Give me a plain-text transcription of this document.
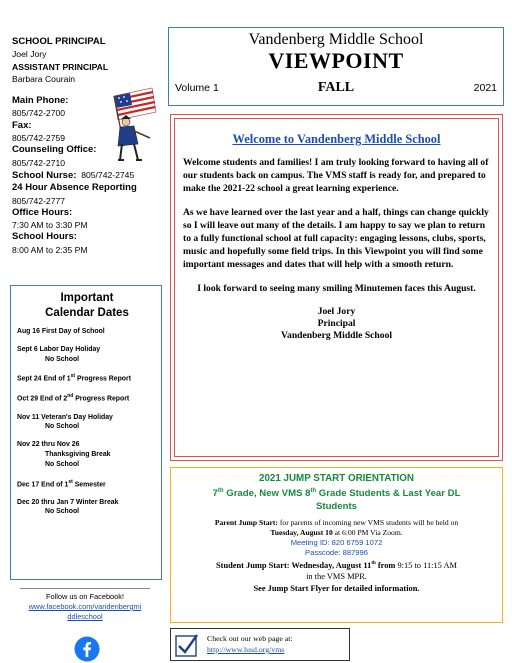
SCHOOL PRINCIPAL
Joel Jory
ASSISTANT PRINCIPAL
Barbara Courain
Main Phone:
805/742-2700
Fax:
805/742-2759
Counseling Office:
805/742-2710
School Nurse: 805/742-2745
24 Hour Absence Reporting
805/742-2777
Office Hours:
7:30 AM to 3:30 PM
School Hours:
8:00 AM to 2:35 PM
Important
Calendar Dates
Aug 16 First Day of School
Sept 6 Labor Day Holiday
No School
Sept 24 End of 1st Progress Report
Oct 29 End of 2nd Progress Report
Nov 11 Veteran's Day Holiday
No School
Nov 22 thru Nov 26
Thanksgiving Break
No School
Dec 17 End of 1st Semester
Dec 20 thru Jan 7 Winter Break
No School
Follow us on Facebook!
www.facebook.com/vandenbergmi
ddleschool
Vandenberg Middle School
VIEWPOINT
Volume 1	FALL	2021
Welcome to Vandenberg Middle School
Welcome students and families! I am truly looking forward to having all of our students back on campus. The VMS staff is ready for, and prepared to make the 2021-22 school a great learning experience.
As we have learned over the last year and a half, things can change quickly so I will leave out many of the details. I am happy to say we plan to return to a fully functional school at full capacity: engaging lessons, clubs, sports, music and hopefully some field trips. In this Viewpoint you will find some important messages and dates that will help with a smooth return.
I look forward to seeing many smiling Minutemen faces this August.
Joel Jory
Principal
Vandenberg Middle School
2021 JUMP START ORIENTATION
7th Grade, New VMS 8th Grade Students & Last Year DL
Students
Parent Jump Start: for parents of incoming new VMS students will be held on
Tuesday, August 10 at 6:00 PM Via Zoom.
Meeting ID: 820 6759 1072
Passcode: 887996
Student Jump Start: Wednesday, August 11th from 9:15 to 11:15 AM
in the VMS MPR.
See Jump Start Flyer for detailed information.
Check out our web page at:
http://www.lusd.org/vms
